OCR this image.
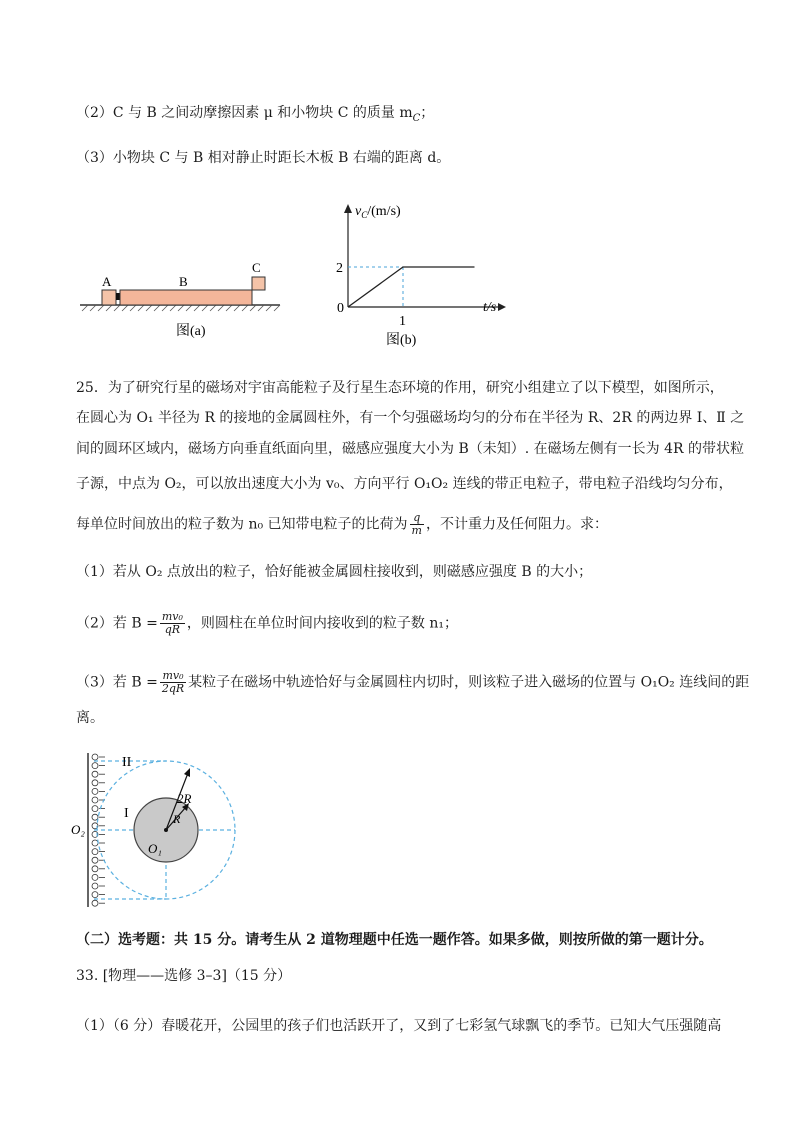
（2）C 与 B 之间动摩擦因素 μ 和小物块 C 的质量 $m_C$；
（3）小物块 C 与 B 相对静止时距长木板 B 右端的距离 d。
A	B
C
图(a)
$v_C/(m/s)$
t/s
2
1
0
图(b)
25．为了研究行星的磁场对宇宙高能粒子及行星生态环境的作用，研究小组建立了以下模型，如图所示，
在圆心为 O₁ 半径为 R 的接地的金属圆柱外，有一个匀强磁场均匀的分布在半径为 R、2R 的两边界 Ⅰ、Ⅱ 之
间的圆环区域内，磁场方向垂直纸面向里，磁感应强度大小为 B（未知）. 在磁场左侧有一长为 4R 的带状粒
子源，中点为 O₂，可以放出速度大小为 v₀、方向平行 O₁O₂ 连线的带正电粒子，带电粒子沿线均匀分布，
每单位时间放出的粒子数为 n₀ 已知带电粒子的比荷为 $\frac{q}{m}$ ，不计重力及任何阻力。求：
（1）若从 O₂ 点放出的粒子，恰好能被金属圆柱接收到，则磁感应强度 B 的大小；
（2）若 $B = \frac{\text{mv₀}}{qR}$ ，则圆柱在单位时间内接收到的粒子数 n₁；
（3）若 $B = \frac{\text{mv₀}}{2qR}$ 某粒子在磁场中轨迹恰好与金属圆柱内切时，则该粒子进入磁场的位置与 O₁O₂ 连线间的距
离。
II
I
2R
R
O₁
O₂
（二）选考题：共 15 分。请考生从 2 道物理题中任选一题作答。如果多做，则按所做的第一题计分。
33. [物理——选修 3–3]（15 分）
（1）（6 分）春暖花开，公园里的孩子们也活跃开了，又到了七彩氢气球飘飞的季节。已知大气压强随高
